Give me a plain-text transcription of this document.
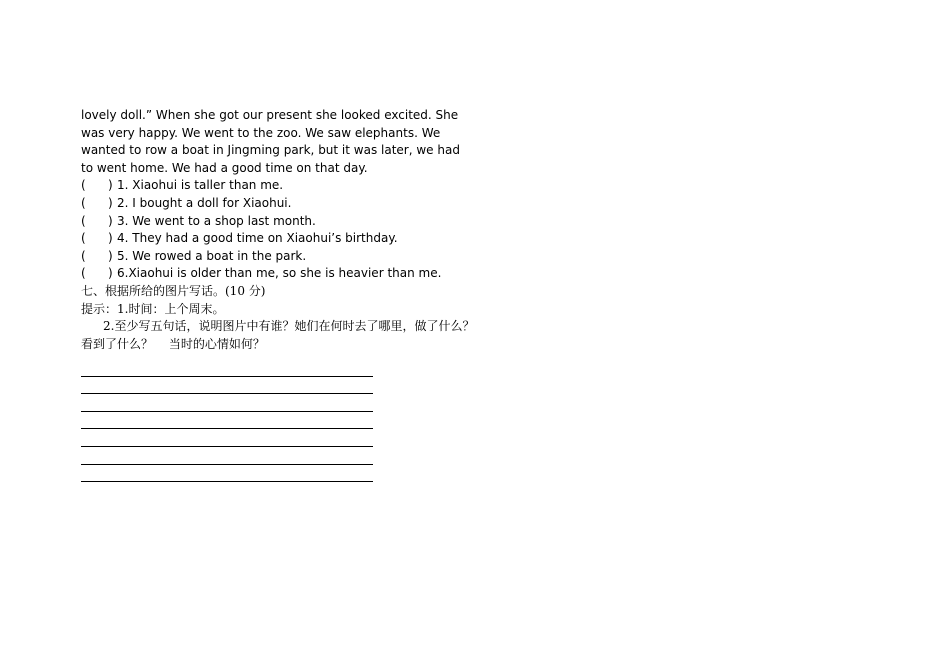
lovely doll.” When she got our present she looked excited. She
was very happy. We went to the zoo. We saw elephants. We
wanted to row a boat in Jingming park, but it was later, we had
to went home. We had a good time on that day.
(	) 1. Xiaohui is taller than me.
(	) 2. I bought a doll for Xiaohui.
(	) 3. We went to a shop last month.
(	) 4. They had a good time on Xiaohui’s birthday.
(	) 5. We rowed a boat in the park.
(	) 6.Xiaohui is older than me, so she is heavier than me.
七、根据所给的图片写话。(10 分)
提示：1.时间：上个周末。
2.至少写五句话，说明图片中有谁？她们在何时去了哪里，做了什么？
看到了什么？　 当时的心情如何？
